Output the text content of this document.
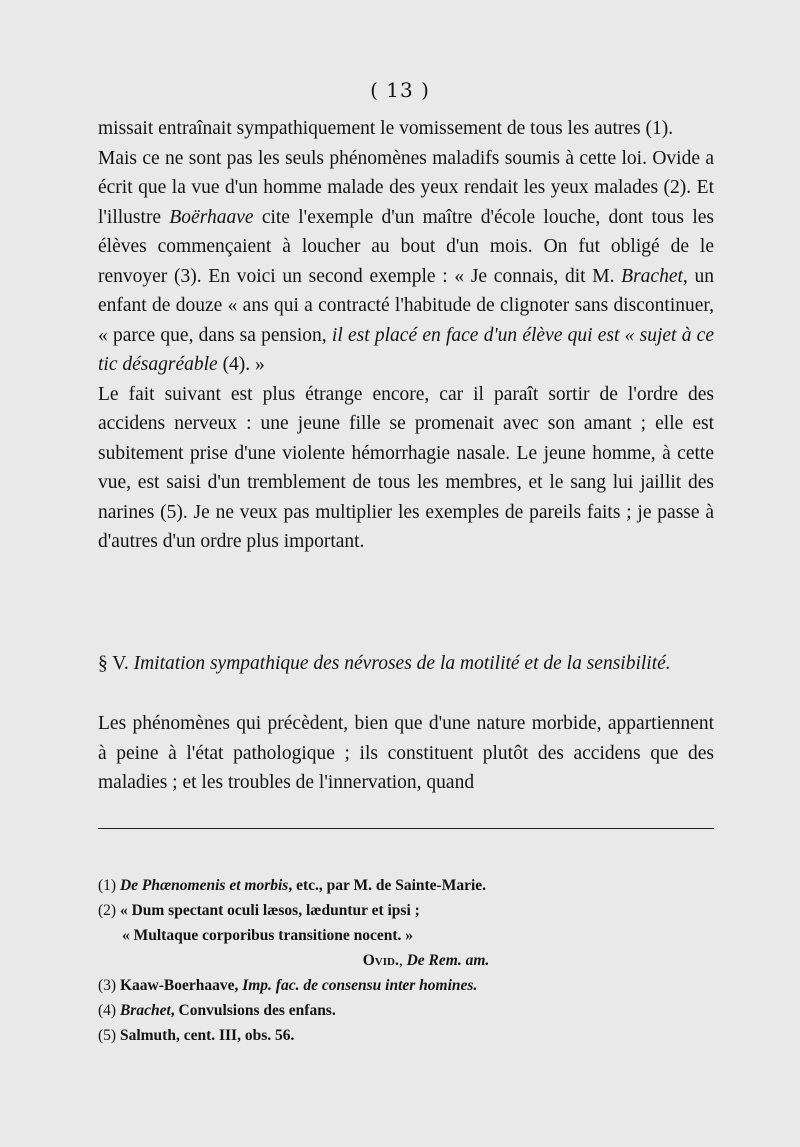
( 13 )

missait entraînait sympathiquement le vomissement de tous les autres (1).

Mais ce ne sont pas les seuls phénomènes maladifs soumis à cette loi. Ovide a écrit que la vue d'un homme malade des yeux rendait les yeux malades (2). Et l'illustre Boërhaave cite l'exemple d'un maître d'école louche, dont tous les élèves commençaient à loucher au bout d'un mois. On fut obligé de le renvoyer (3). En voici un second exemple : « Je connais, dit M. Brachet, un enfant de douze « ans qui a contracté l'habitude de clignoter sans discontinuer, « parce que, dans sa pension, il est placé en face d'un élève qui est « sujet à ce tic désagréable (4). »

Le fait suivant est plus étrange encore, car il paraît sortir de l'ordre des accidens nerveux : une jeune fille se promenait avec son amant ; elle est subitement prise d'une violente hémorrhagie nasale. Le jeune homme, à cette vue, est saisi d'un tremblement de tous les membres, et le sang lui jaillit des narines (5). Je ne veux pas multiplier les exemples de pareils faits ; je passe à d'autres d'un ordre plus important.

§ V. Imitation sympathique des névroses de la motilité et de la sensibilité.

Les phénomènes qui précèdent, bien que d'une nature morbide, appartiennent à peine à l'état pathologique ; ils constituent plutôt des accidens que des maladies ; et les troubles de l'innervation, quand

(1) De Phænomenis et morbis, etc., par M. de Sainte-Marie.

(2) « Dum spectant oculi læsos, læduntur et ipsi ;

« Multaque corporibus transitione nocent. »

Ovid., De Rem. am.

(3) Kaaw-Boerhaave, Imp. fac. de consensu inter homines.

(4) Brachet, Convulsions des enfans.

(5) Salmuth, cent. III, obs. 56.
